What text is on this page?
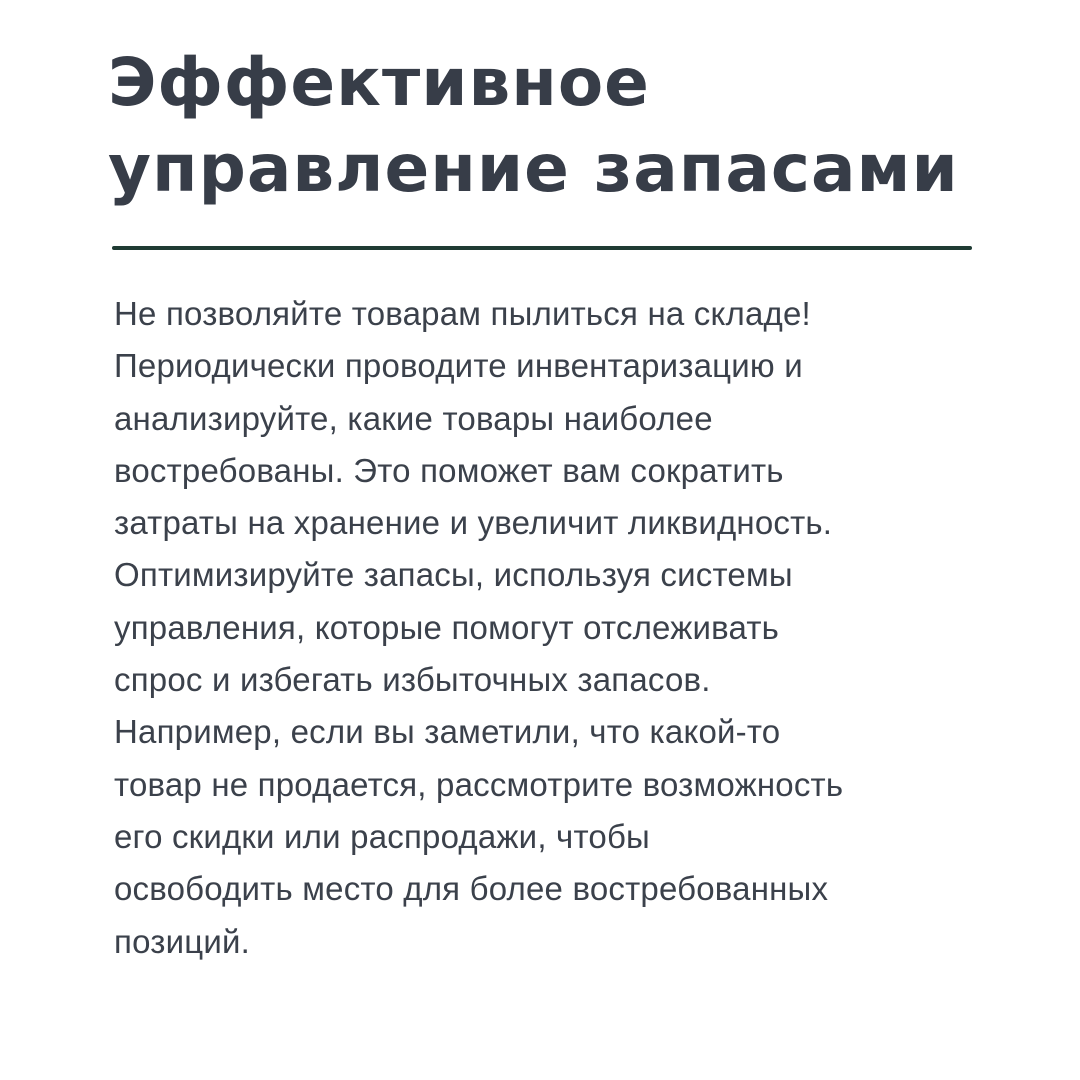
Эффективное
управление запасами

Не позволяйте товарам пылиться на складе!
Периодически проводите инвентаризацию и
анализируйте, какие товары наиболее
востребованы. Это поможет вам сократить
затраты на хранение и увеличит ликвидность.
Оптимизируйте запасы, используя системы
управления, которые помогут отслеживать
спрос и избегать избыточных запасов.
Например, если вы заметили, что какой-то
товар не продается, рассмотрите возможность
его скидки или распродажи, чтобы
освободить место для более востребованных
позиций.
